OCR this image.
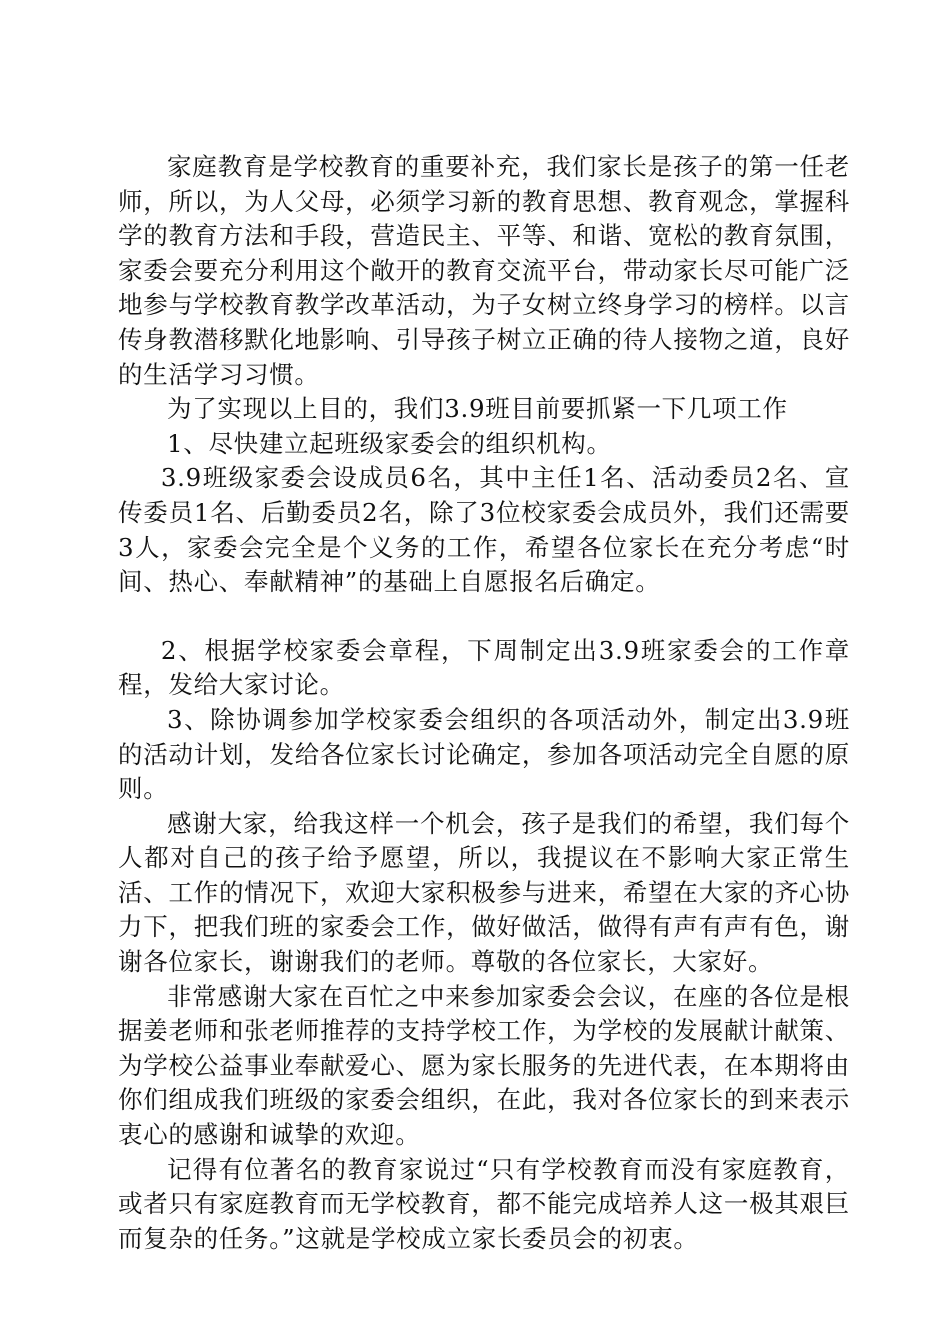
家庭教育是学校教育的重要补充，我们家长是孩子的第一任老师，所以，为人父母，必须学习新的教育思想、教育观念，掌握科学的教育方法和手段，营造民主、平等、和谐、宽松的教育氛围，家委会要充分利用这个敞开的教育交流平台，带动家长尽可能广泛地参与学校教育教学改革活动，为子女树立终身学习的榜样。以言传身教潜移默化地影响、引导孩子树立正确的待人接物之道，良好的生活学习习惯。

为了实现以上目的，我们3.9班目前要抓紧一下几项工作

1、尽快建立起班级家委会的组织机构。

3.9班级家委会设成员6名，其中主任1名、活动委员2名、宣传委员1名、后勤委员2名，除了3位校家委会成员外，我们还需要3人，家委会完全是个义务的工作，希望各位家长在充分考虑“时间、热心、奉献精神”的基础上自愿报名后确定。

2、根据学校家委会章程，下周制定出3.9班家委会的工作章程，发给大家讨论。

3、除协调参加学校家委会组织的各项活动外，制定出3.9班的活动计划，发给各位家长讨论确定，参加各项活动完全自愿的原则。

感谢大家，给我这样一个机会，孩子是我们的希望，我们每个人都对自己的孩子给予愿望，所以，我提议在不影响大家正常生活、工作的情况下，欢迎大家积极参与进来，希望在大家的齐心协力下，把我们班的家委会工作，做好做活，做得有声有声有色，谢谢各位家长，谢谢我们的老师。尊敬的各位家长，大家好。

非常感谢大家在百忙之中来参加家委会会议，在座的各位是根据姜老师和张老师推荐的支持学校工作，为学校的发展献计献策、为学校公益事业奉献爱心、愿为家长服务的先进代表，在本期将由你们组成我们班级的家委会组织，在此，我对各位家长的到来表示衷心的感谢和诚挚的欢迎。

记得有位著名的教育家说过“只有学校教育而没有家庭教育，或者只有家庭教育而无学校教育，都不能完成培养人这一极其艰巨而复杂的任务。”这就是学校成立家长委员会的初衷。
